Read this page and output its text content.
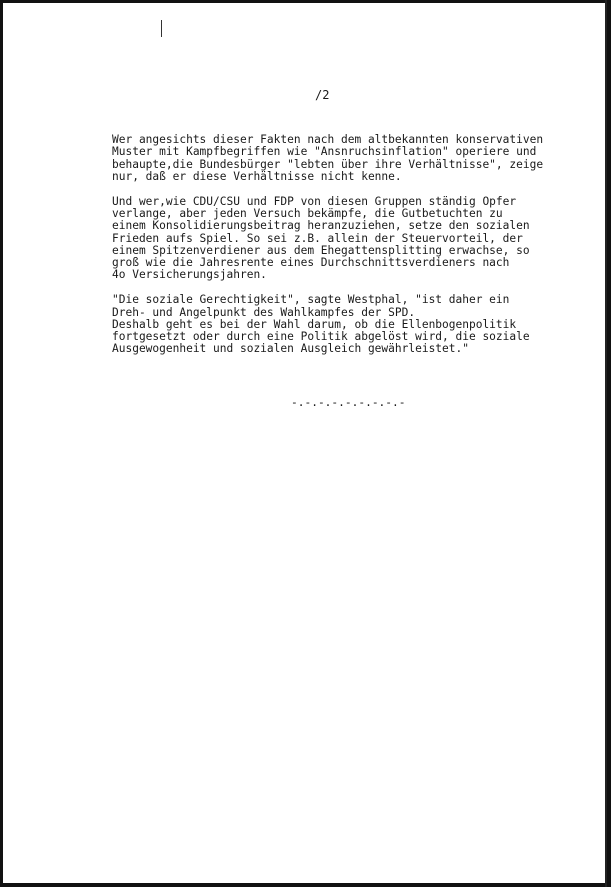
/2
Wer angesichts dieser Fakten nach dem altbekannten konservativen
Muster mit Kampfbegriffen wie "Ansnruchsinflation" operiere und
behaupte,die Bundesbürger "lebten über ihre Verhältnisse", zeige
nur, daß er diese Verhältnisse nicht kenne.
Und wer,wie CDU/CSU und FDP von diesen Gruppen ständig Opfer
verlange, aber jeden Versuch bekämpfe, die Gutbetuchten zu
einem Konsolidierungsbeitrag heranzuziehen, setze den sozialen
Frieden aufs Spiel. So sei z.B. allein der Steuervorteil, der
einem Spitzenverdiener aus dem Ehegattensplitting erwachse, so
groß wie die Jahresrente eines Durchschnittsverdieners nach
4o Versicherungsjahren.
"Die soziale Gerechtigkeit", sagte Westphal, "ist daher ein
Dreh- und Angelpunkt des Wahlkampfes der SPD.
Deshalb geht es bei der Wahl darum, ob die Ellenbogenpolitik
fortgesetzt oder durch eine Politik abgelöst wird, die soziale
Ausgewogenheit und sozialen Ausgleich gewährleistet."
-.-.-.-.-.-.-.-.-
